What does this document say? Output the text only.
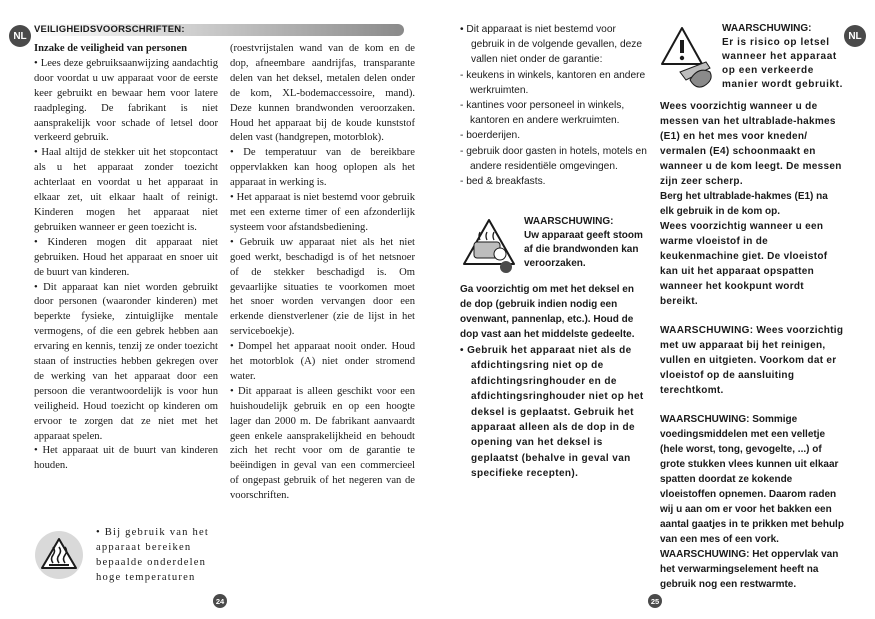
NL
VEILIGHEIDSVOORSCHRIFTEN:
NL

Inzake de veiligheid van personen

• Lees deze gebruiksaanwijzing aandachtig door voordat u uw apparaat voor de eerste keer gebruikt en bewaar hem voor latere raadpleging. De fabrikant is niet aansprakelijk voor schade of letsel door verkeerd gebruik.

• Haal altijd de stekker uit het stopcontact als u het apparaat zonder toezicht achterlaat en voordat u het apparaat in elkaar zet, uit elkaar haalt of reinigt. Kinderen mogen het apparaat niet gebruiken wanneer er geen toezicht is.

• Kinderen mogen dit apparaat niet gebruiken. Houd het apparaat en snoer uit de buurt van kinderen.

• Dit apparaat kan niet worden gebruikt door personen (waaronder kinderen) met beperkte fysieke, zintuiglijke mentale vermogens, of die een gebrek hebben aan ervaring en kennis, tenzij ze onder toezicht staan of instructies hebben gekregen over de werking van het apparaat door een persoon die verantwoordelijk is voor hun veiligheid. Houd toezicht op kinderen om ervoor te zorgen dat ze niet met het apparaat spelen.

• Het apparaat uit de buurt van kinderen houden.

• Bij gebruik van het apparaat bereiken bepaalde onderdelen hoge temperaturen

(roestvrijstalen wand van de kom en de dop, afneembare aandrijfas, transparante delen van het deksel, metalen delen onder de kom, XL-bodemaccessoire, mand). Deze kunnen brandwonden veroorzaken. Houd het apparaat bij de koude kunststof delen vast (handgrepen, motorblok).

• De temperatuur van de bereikbare oppervlakken kan hoog oplopen als het apparaat in werking is.

• Het apparaat is niet bestemd voor gebruik met een externe timer of een afzonderlijk systeem voor afstandsbediening.

• Gebruik uw apparaat niet als het niet goed werkt, beschadigd is of het netsnoer of de stekker beschadigd is. Om gevaarlijke situaties te voorkomen moet het snoer worden vervangen door een erkende dienstverlener (zie de lijst in het serviceboekje).

• Dompel het apparaat nooit onder. Houd het motorblok (A) niet onder stromend water.

• Dit apparaat is alleen geschikt voor een huishoudelijk gebruik en op een hoogte lager dan 2000 m. De fabrikant aanvaardt geen enkele aansprakelijkheid en behoudt zich het recht voor om de garantie te beëindigen in geval van een commercieel of ongepast gebruik of het negeren van de voorschriften.

24

• Dit apparaat is niet bestemd voor gebruik in de volgende gevallen, deze vallen niet onder de garantie:

- keukens in winkels, kantoren en andere werkruimten.

- kantines voor personeel in winkels, kantoren en andere werkruimten.

- boerderijen.

- gebruik door gasten in hotels, motels en andere residentiële omgevingen.

- bed & breakfasts.

WAARSCHUWING:
Uw apparaat geeft stoom af die brandwonden kan veroorzaken.
Ga voorzichtig om met het deksel en de dop (gebruik indien nodig een ovenwant, pannenlap, etc.). Houd de dop vast aan het middelste gedeelte.
• Gebruik het apparaat niet als de afdichtingsring niet op de afdichtingsringhouder en de afdichtingsringhouder niet op het deksel is geplaatst. Gebruik het apparaat alleen als de dop in de opening van het deksel is geplaatst (behalve in geval van specifieke recepten).
WAARSCHUWING:
Er is risico op letsel wanneer het apparaat op een verkeerde manier wordt gebruikt.
Wees voorzichtig wanneer u de messen van het ultrablade-hakmes (E1) en het mes voor kneden/ vermalen (E4) schoonmaakt en wanneer u de kom leegt. De messen zijn zeer scherp.
Berg het ultrablade-hakmes (E1) na elk gebruik in de kom op.
Wees voorzichtig wanneer u een warme vloeistof in de keukenmachine giet. De vloeistof kan uit het apparaat opspatten wanneer het kookpunt wordt bereikt.
WAARSCHUWING: Wees voorzichtig met uw apparaat bij het reinigen, vullen en uitgieten. Voorkom dat er vloeistof op de aansluiting terechtkomt.
WAARSCHUWING: Sommige voedingsmiddelen met een velletje (hele worst, tong, gevogelte, ...) of grote stukken vlees kunnen uit elkaar spatten doordat ze kokende vloeistoffen opnemen. Daarom raden wij u aan om er voor het bakken een aantal gaatjes in te prikken met behulp van een mes of een vork.
WAARSCHUWING: Het oppervlak van het verwarmingselement heeft na gebruik nog een restwarmte.
25
